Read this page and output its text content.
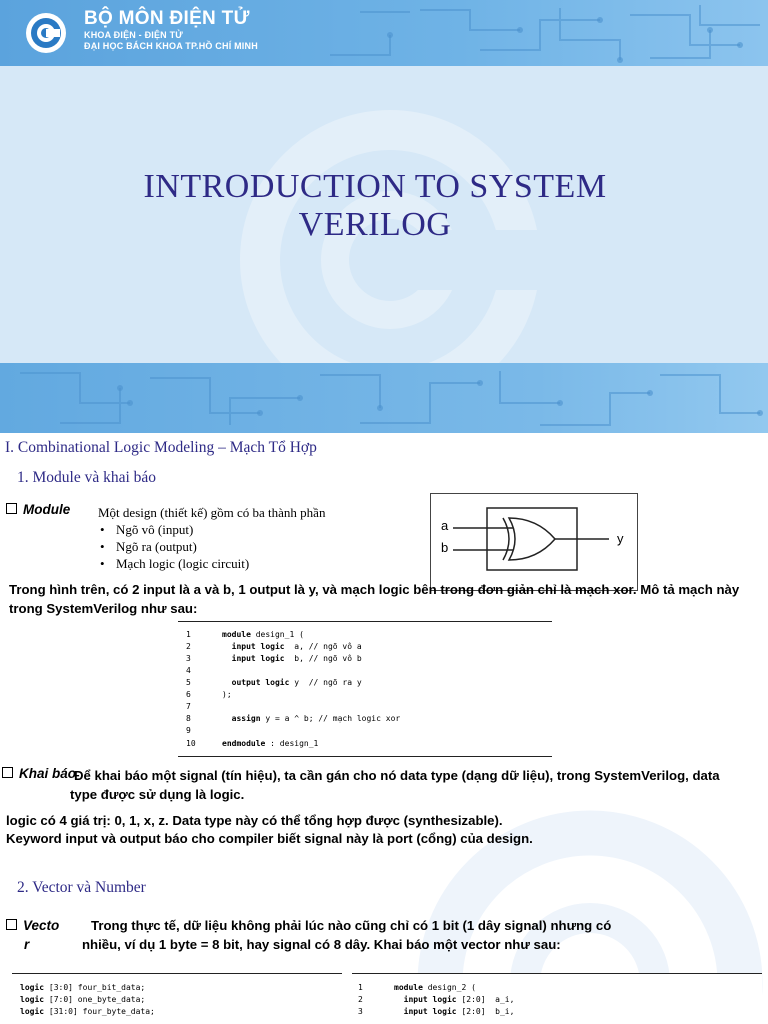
BỘ MÔN ĐIỆN TỬ
KHOA ĐIỆN - ĐIỆN TỬ
ĐẠI HỌC BÁCH KHOA TP.HỒ CHÍ MINH
INTRODUCTION TO SYSTEM
VERILOG
I. Combinational Logic Modeling – Mạch Tổ Hợp
1. Module và khai báo
Module Một design (thiết kế) gồm có ba thành phần
• Ngõ vô (input)
• Ngõ ra (output)
• Mạch logic (logic circuit)
a
b
y
Trong hình trên, có 2 input là a và b, 1 output là y, và mạch logic bên trong đơn giản chỉ là mạch xor. Mô tả mạch này trong SystemVerilog như sau:
1	module design_1 (
2	input logic  a, // ngõ vô a
3	input logic  b, // ngõ vô b
4
5	output logic y  // ngõ ra y
6	);
7
8	assign y = a ^ b; // mạch logic xor
9
10	endmodule : design_1
Khai báo
Để khai báo một signal (tín hiệu), ta cần gán cho nó data type (dạng dữ liệu), trong SystemVerilog, data type được sử dụng là logic.
logic có 4 giá trị: 0, 1, x, z. Data type này có thể tổng hợp được (synthesizable).
Keyword input và output báo cho compiler biết signal này là port (cổng) của design.
2. Vector và Number
Vecto
r
Trong thực tế, dữ liệu không phải lúc nào cũng chỉ có 1 bit (1 dây signal) nhưng có
nhiều, ví dụ 1 byte = 8 bit, hay signal có 8 dây. Khai báo một vector như sau:
logic [3:0] four_bit_data;
logic [7:0] one_byte_data;
logic [31:0] four_byte_data;
1	module design_2 (
2	input logic [2:0]  a_i,
3	input logic [2:0]  b_i,
